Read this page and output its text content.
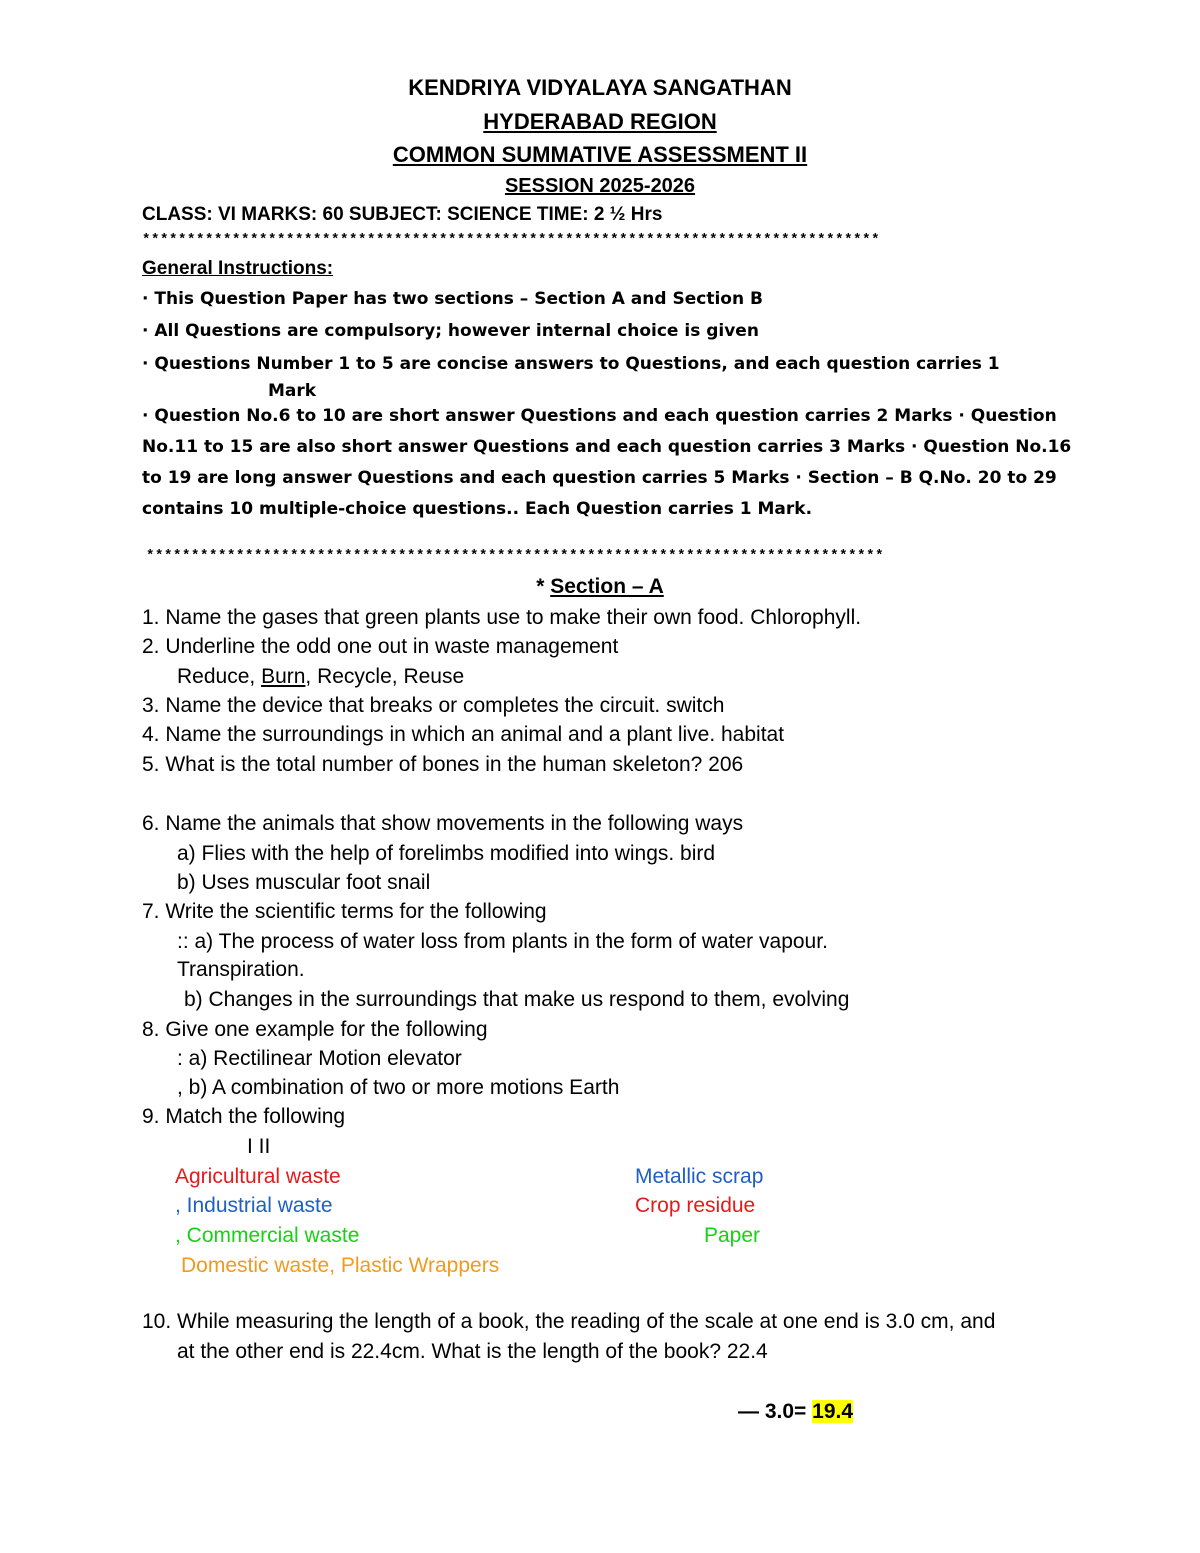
KENDRIYA VIDYALAYA SANGATHAN
HYDERABAD REGION
COMMON SUMMATIVE ASSESSMENT II
SESSION 2025-2026
CLASS: VI MARKS: 60 SUBJECT: SCIENCE TIME: 2 ½ Hrs
**********************************************************************************
General Instructions:
· This Question Paper has two sections – Section A and Section B
· All Questions are compulsory; however internal choice is given
· Questions Number 1 to 5 are concise answers to Questions, and each question carries 1
Mark
· Question No.6 to 10 are short answer Questions and each question carries 2 Marks · Question
No.11 to 15 are also short answer Questions and each question carries 3 Marks · Question No.16
to 19 are long answer Questions and each question carries 5 Marks · Section – B Q.No. 20 to 29
contains 10 multiple-choice questions.. Each Question carries 1 Mark.
**********************************************************************************
* Section – A
1. Name the gases that green plants use to make their own food. Chlorophyll.
2. Underline the odd one out in waste management
Reduce, Burn, Recycle, Reuse
3. Name the device that breaks or completes the circuit. switch
4. Name the surroundings in which an animal and a plant live. habitat
5. What is the total number of bones in the human skeleton? 206
6. Name the animals that show movements in the following ways
a) Flies with the help of forelimbs modified into wings. bird
b) Uses muscular foot snail
7. Write the scientific terms for the following
:: a) The process of water loss from plants in the form of water vapour.
Transpiration.
b) Changes in the surroundings that make us respond to them, evolving
8. Give one example for the following
: a) Rectilinear Motion elevator
, b) A combination of two or more motions Earth
9. Match the following
I II
Agricultural waste
, Industrial waste
, Commercial waste
Domestic waste, Plastic Wrappers
Metallic scrap
Crop residue
Paper
10. While measuring the length of a book, the reading of the scale at one end is 3.0 cm, and
at the other end is 22.4cm. What is the length of the book? 22.4
— 3.0= 19.4
